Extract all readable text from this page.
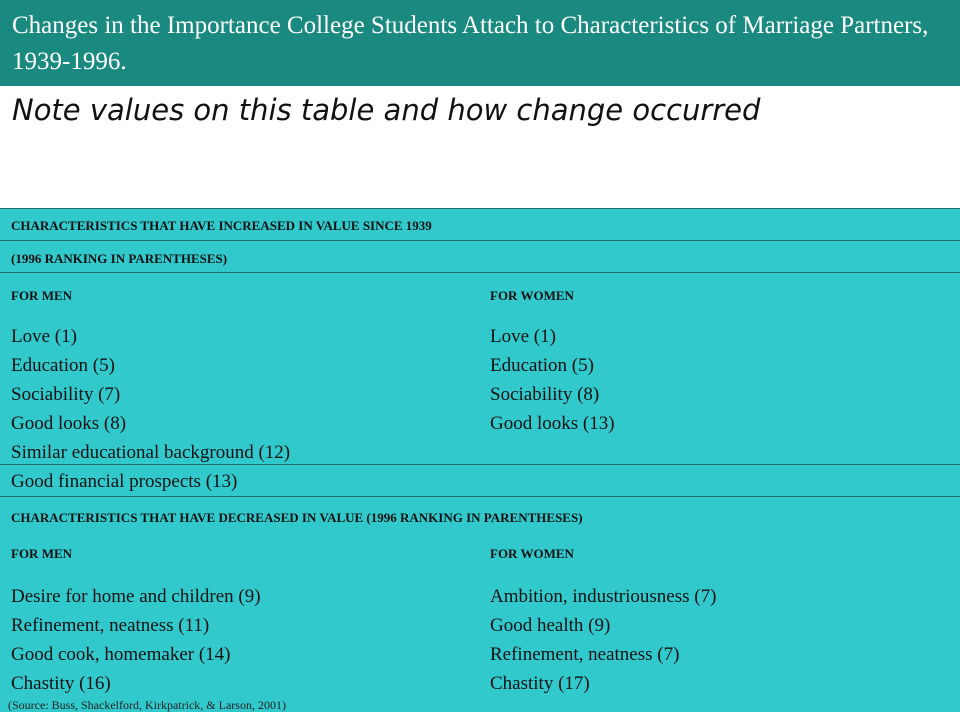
Changes in the Importance College Students Attach to Characteristics of Marriage Partners, 1939-1996.
Note values on this table and how change occurred
CHARACTERISTICS THAT HAVE INCREASED IN VALUE SINCE 1939
(1996 RANKING IN PARENTHESES)
FOR MEN	FOR WOMEN
Love (1)
Education (5)
Sociability (7)
Good looks (8)
Similar educational background (12)
Love (1)
Education (5)
Sociability (8)
Good looks (13)
Good financial prospects (13)
CHARACTERISTICS THAT HAVE DECREASED IN VALUE (1996 RANKING IN PARENTHESES)
FOR MEN	FOR WOMEN
Desire for home and children (9)
Refinement, neatness (11)
Good cook, homemaker (14)
Chastity (16)
Ambition, industriousness (7)
Good health (9)
Refinement, neatness (7)
Chastity (17)
(Source: Buss, Shackelford, Kirkpatrick, & Larson, 2001)
